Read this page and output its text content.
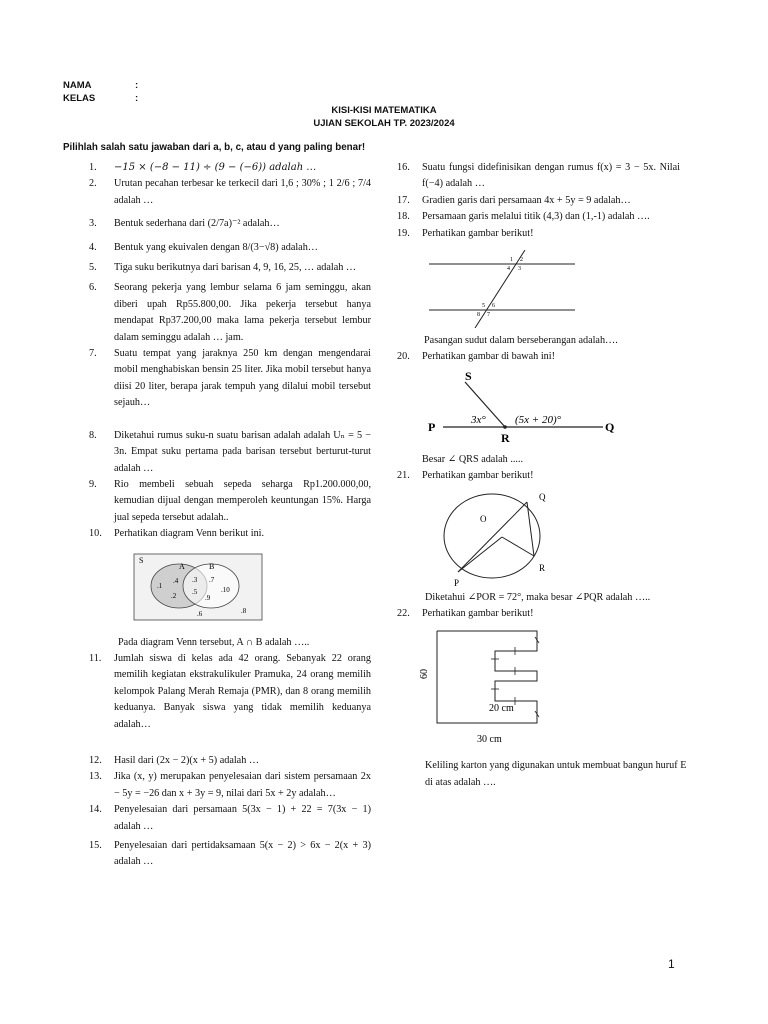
NAMA	:
KELAS	:
KISI-KISI MATEMATIKA
UJIAN SEKOLAH TP. 2023/2024
Pilihlah salah satu jawaban dari a, b, c, atau d yang paling benar!
1. −15 × (−8 − 11) ÷ (9 − (−6)) adalah …
2. Urutan pecahan terbesar ke terkecil dari 1,6 ; 30% ; 1 2/6 ; 7/4 adalah …
3. Bentuk sederhana dari (2/7a)⁻² adalah…
4. Bentuk yang ekuivalen dengan 8/(3−√8) adalah…
5. Tiga suku berikutnya dari barisan 4, 9, 16, 25, … adalah …
6. Seorang pekerja yang lembur selama 6 jam seminggu, akan diberi upah Rp55.800,00. Jika pekerja tersebut hanya mendapat Rp37.200,00 maka lama pekerja tersebut lembur dalam seminggu adalah … jam.
7. Suatu tempat yang jaraknya 250 km dengan mengendarai mobil menghabiskan bensin 25 liter. Jika mobil tersebut hanya diisi 20 liter, berapa jarak tempuh yang dilalui mobil tersebut sejauh…
8. Diketahui rumus suku-n suatu barisan adalah adalah Uₙ = 5 − 3n. Empat suku pertama pada barisan tersebut berturut-turut adalah …
9. Rio membeli sebuah sepeda seharga Rp1.200.000,00, kemudian dijual dengan memperoleh keuntungan 15%. Harga jual sepeda tersebut adalah..
10. Perhatikan diagram Venn berikut ini.
S
A	B
.1
.4
.2
.3
.5
.7
.9
.10
.6	.8
Pada diagram Venn tersebut, A ∩ B adalah …..
11. Jumlah siswa di kelas ada 42 orang. Sebanyak 22 orang memilih kegiatan ekstrakulikuler Pramuka, 24 orang memilih kelompok Palang Merah Remaja (PMR), dan 8 orang memilih keduanya. Banyak siswa yang tidak memilih keduanya adalah…
12. Hasil dari (2x − 2)(x + 5) adalah …
13. Jika (x, y) merupakan penyelesaian dari sistem persamaan 2x − 5y = −26 dan x + 3y = 9, nilai dari 5x + 2y adalah…
14. Penyelesaian dari persamaan 5(3x − 1) + 22 = 7(3x − 1) adalah …
15. Penyelesaian dari pertidaksamaan 5(x − 2) > 6x − 2(x + 3) adalah …
16. Suatu fungsi didefinisikan dengan rumus f(x) = 3 − 5x. Nilai f(−4) adalah …
17. Gradien garis dari persamaan 4x + 5y = 9 adalah…
18. Persamaan garis melalui titik (4,3) dan (1,-1) adalah ….
19. Perhatikan gambar berikut!
1 2
4 3
5 6
8 7
Pasangan sudut dalam berseberangan adalah….
20. Perhatikan gambar di bawah ini!
S
P
R
Q
3x°	(5x + 20)°
Besar ∠ QRS adalah .....
21. Perhatikan gambar berikut!
O
P
Q
R
Diketahui ∠POR = 72°, maka besar ∠PQR adalah …..
22. Perhatikan gambar berikut!
60
20 cm
30 cm
Keliling karton yang digunakan untuk membuat bangun huruf E di atas adalah ….
1
